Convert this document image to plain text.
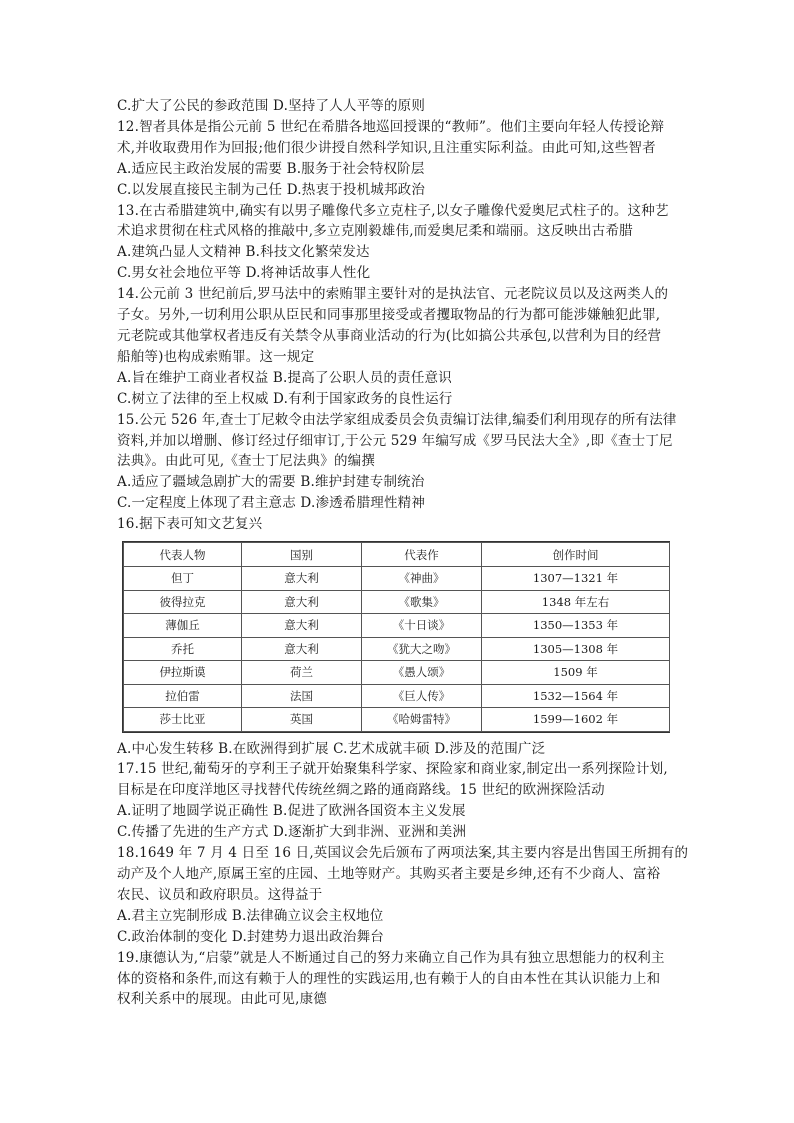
C.扩大了公民的参政范围 D.坚持了人人平等的原则
12.智者具体是指公元前 5 世纪在希腊各地巡回授课的“教师”。他们主要向年轻人传授论辩
术,并收取费用作为回报;他们很少讲授自然科学知识,且注重实际利益。由此可知,这些智者
A.适应民主政治发展的需要 B.服务于社会特权阶层
C.以发展直接民主制为己任 D.热衷于投机城邦政治
13.在古希腊建筑中,确实有以男子雕像代多立克柱子,以女子雕像代爱奥尼式柱子的。这种艺
术追求贯彻在柱式风格的推敲中,多立克刚毅雄伟,而爱奥尼柔和端丽。这反映出古希腊
A.建筑凸显人文精神 B.科技文化繁荣发达
C.男女社会地位平等 D.将神话故事人性化
14.公元前 3 世纪前后,罗马法中的索贿罪主要针对的是执法官、元老院议员以及这两类人的
子女。另外,一切利用公职从臣民和同事那里接受或者攫取物品的行为都可能涉嫌触犯此罪,
元老院或其他掌权者违反有关禁令从事商业活动的行为(比如搞公共承包,以营利为目的经营
船舶等)也构成索贿罪。这一规定
A.旨在维护工商业者权益 B.提高了公职人员的责任意识
C.树立了法律的至上权威 D.有利于国家政务的良性运行
15.公元 526 年,查士丁尼敕令由法学家组成委员会负责编订法律,编委们利用现存的所有法律
资料,并加以增删、修订经过仔细审订,于公元 529 年编写成《罗马民法大全》,即《查士丁尼
法典》。由此可见,《查士丁尼法典》的编撰
A.适应了疆域急剧扩大的需要 B.维护封建专制统治
C.一定程度上体现了君主意志 D.渗透希腊理性精神
16.据下表可知文艺复兴
代表人物	国别	代表作	创作时间
但丁	意大利	《神曲》	1307—1321 年
彼得拉克	意大利	《歌集》	1348 年左右
薄伽丘	意大利	《十日谈》	1350—1353 年
乔托	意大利	《犹大之吻》	1305—1308 年
伊拉斯谟	荷兰	《愚人颂》	1509 年
拉伯雷	法国	《巨人传》	1532—1564 年
莎士比亚	英国	《哈姆雷特》	1599—1602 年
A.中心发生转移 B.在欧洲得到扩展 C.艺术成就丰硕 D.涉及的范围广泛
17.15 世纪,葡萄牙的亨利王子就开始聚集科学家、探险家和商业家,制定出一系列探险计划,
目标是在印度洋地区寻找替代传统丝绸之路的通商路线。15 世纪的欧洲探险活动
A.证明了地圆学说正确性 B.促进了欧洲各国资本主义发展
C.传播了先进的生产方式 D.逐渐扩大到非洲、亚洲和美洲
18.1649 年 7 月 4 日至 16 日,英国议会先后颁布了两项法案,其主要内容是出售国王所拥有的
动产及个人地产,原属王室的庄园、土地等财产。其购买者主要是乡绅,还有不少商人、富裕
农民、议员和政府职员。这得益于
A.君主立宪制形成 B.法律确立议会主权地位
C.政治体制的变化 D.封建势力退出政治舞台
19.康德认为,“启蒙”就是人不断通过自己的努力来确立自己作为具有独立思想能力的权利主
体的资格和条件,而这有赖于人的理性的实践运用,也有赖于人的自由本性在其认识能力上和
权利关系中的展现。由此可见,康德
